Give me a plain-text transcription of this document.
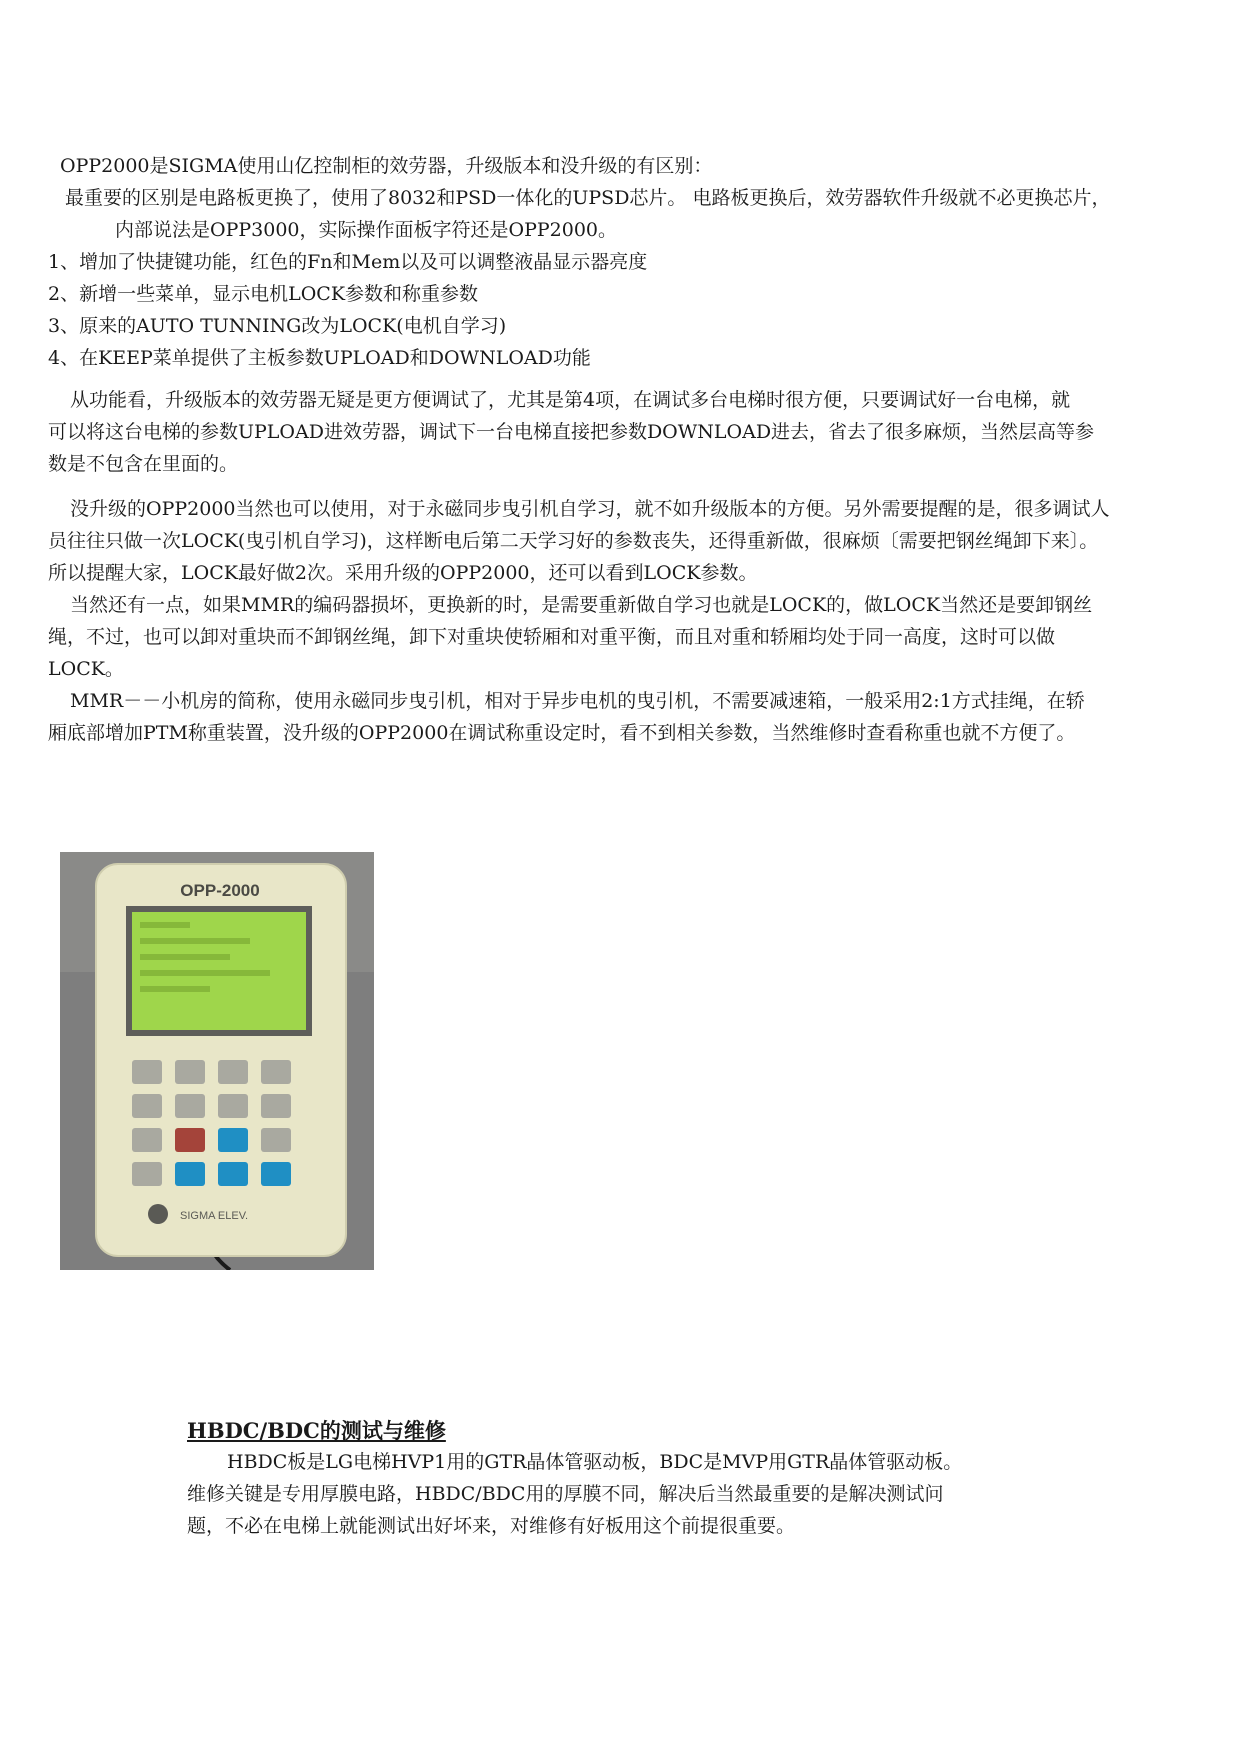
OPP2000是SIGMA使用山亿控制柜的效劳器，升级版本和没升级的有区别：
最重要的区别是电路板更换了，使用了8032和PSD一体化的UPSD芯片。 电路板更换后，效劳器软件升级就不必更换芯片，
内部说法是OPP3000，实际操作面板字符还是OPP2000。
1、增加了快捷键功能，红色的Fn和Mem以及可以调整液晶显示器亮度
2、新增一些菜单，显示电机LOCK参数和称重参数
3、原来的AUTO TUNNING改为LOCK(电机自学习)
4、在KEEP菜单提供了主板参数UPLOAD和DOWNLOAD功能
从功能看，升级版本的效劳器无疑是更方便调试了，尤其是第4项，在调试多台电梯时很方便，只要调试好一台电梯，就
可以将这台电梯的参数UPLOAD进效劳器，调试下一台电梯直接把参数DOWNLOAD进去，省去了很多麻烦，当然层高等参
数是不包含在里面的。
没升级的OPP2000当然也可以使用，对于永磁同步曳引机自学习，就不如升级版本的方便。另外需要提醒的是，很多调试人
员往往只做一次LOCK(曳引机自学习)，这样断电后第二天学习好的参数丧失，还得重新做，很麻烦〔需要把钢丝绳卸下来〕。
所以提醒大家，LOCK最好做2次。采用升级的OPP2000，还可以看到LOCK参数。
当然还有一点，如果MMR的编码器损坏，更换新的时，是需要重新做自学习也就是LOCK的，做LOCK当然还是要卸钢丝
绳，不过，也可以卸对重块而不卸钢丝绳，卸下对重块使轿厢和对重平衡，而且对重和轿厢均处于同一高度，这时可以做
LOCK。
MMR－－小机房的简称，使用永磁同步曳引机，相对于异步电机的曳引机，不需要减速箱，一般采用2:1方式挂绳，在轿
厢底部增加PTM称重装置，没升级的OPP2000在调试称重设定时，看不到相关参数，当然维修时查看称重也就不方便了。
OPP-2000
SIGMA ELEV.
HBDC/BDC的测试与维修
HBDC板是LG电梯HVP1用的GTR晶体管驱动板，BDC是MVP用GTR晶体管驱动板。
维修关键是专用厚膜电路，HBDC/BDC用的厚膜不同，解决后当然最重要的是解决测试问
题，不必在电梯上就能测试出好坏来，对维修有好板用这个前提很重要。
